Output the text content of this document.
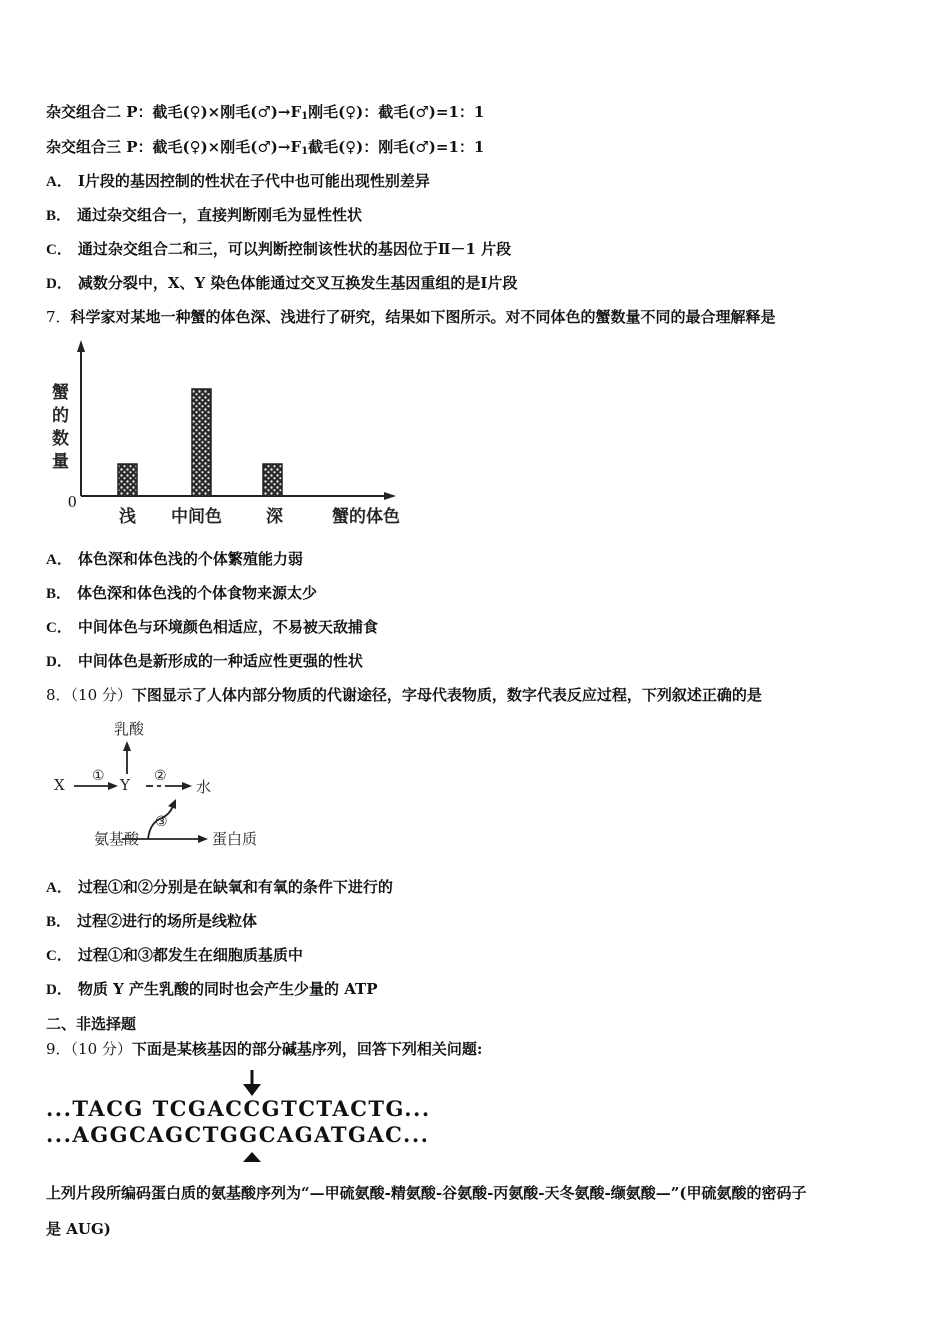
杂交组合二 P：截毛(♀)×刚毛$(♂)\to F_1$刚毛(♀)：截毛(♂)=1：1
杂交组合三 P：截毛(♀)×刚毛$(♂)\to F_1$截毛(♀)：刚毛(♂)=1：1
A． Ⅰ片段的基因控制的性状在子代中也可能出现性别差异
B． 通过杂交组合一，直接判断刚毛为显性性状
C． 通过杂交组合二和三，可以判断控制该性状的基因位于Ⅱ－1 片段
D． 减数分裂中，X、Y 染色体能通过交叉互换发生基因重组的是Ⅰ片段
7．科学家对某地一种蟹的体色深、浅进行了研究，结果如下图所示。对不同体色的蟹数量不同的最合理解释是
蟹的数量
0
浅 中间色	深	蟹的体色
A． 体色深和体色浅的个体繁殖能力弱
B． 体色深和体色浅的个体食物来源太少
C． 中间体色与环境颜色相适应，不易被天敌捕食
D． 中间体色是新形成的一种适应性更强的性状
8．（10 分）下图显示了人体内部分物质的代谢途径，字母代表物质，数字代表反应过程，下列叙述正确的是
X	Y
乳酸
水
①	②
③
氨基酸	蛋白质
A． 过程①和②分别是在缺氧和有氧的条件下进行的
B． 过程②进行的场所是线粒体
C． 过程①和③都发生在细胞质基质中
D． 物质 Y 产生乳酸的同时也会产生少量的 ATP
二、非选择题
9．（10 分）下面是某核基因的部分碱基序列，回答下列相关问题:
...TACG TCGACCGTCTACTG...
...AGGCAGCTGGCAGATGAC...
上列片段所编码蛋白质的氨基酸序列为“—甲硫氨酸-精氨酸-谷氨酸-丙氨酸-天冬氨酸-缬氨酸—”(甲硫氨酸的密码子
是 AUG)
